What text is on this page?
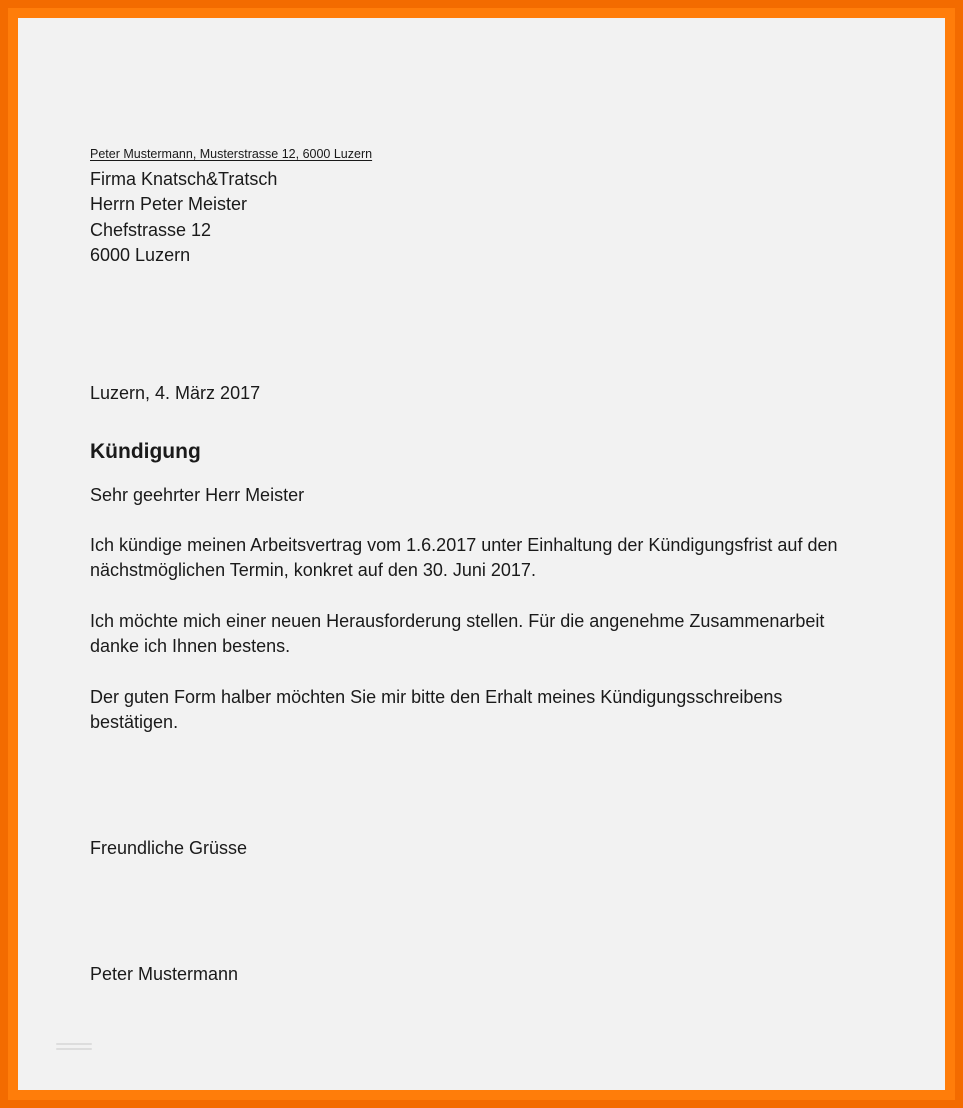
Peter Mustermann, Musterstrasse 12, 6000 Luzern
Firma Knatsch&Tratsch
Herrn Peter Meister
Chefstrasse 12
6000 Luzern
Luzern, 4. März 2017
Kündigung
Sehr geehrter Herr Meister
Ich kündige meinen Arbeitsvertrag vom 1.6.2017 unter Einhaltung der Kündigungsfrist auf den nächstmöglichen Termin, konkret auf den 30. Juni 2017.
Ich möchte mich einer neuen Herausforderung stellen. Für die angenehme Zusammenarbeit danke ich Ihnen bestens.
Der guten Form halber möchten Sie mir bitte den Erhalt meines Kündigungsschreibens bestätigen.
Freundliche Grüsse
Peter Mustermann
